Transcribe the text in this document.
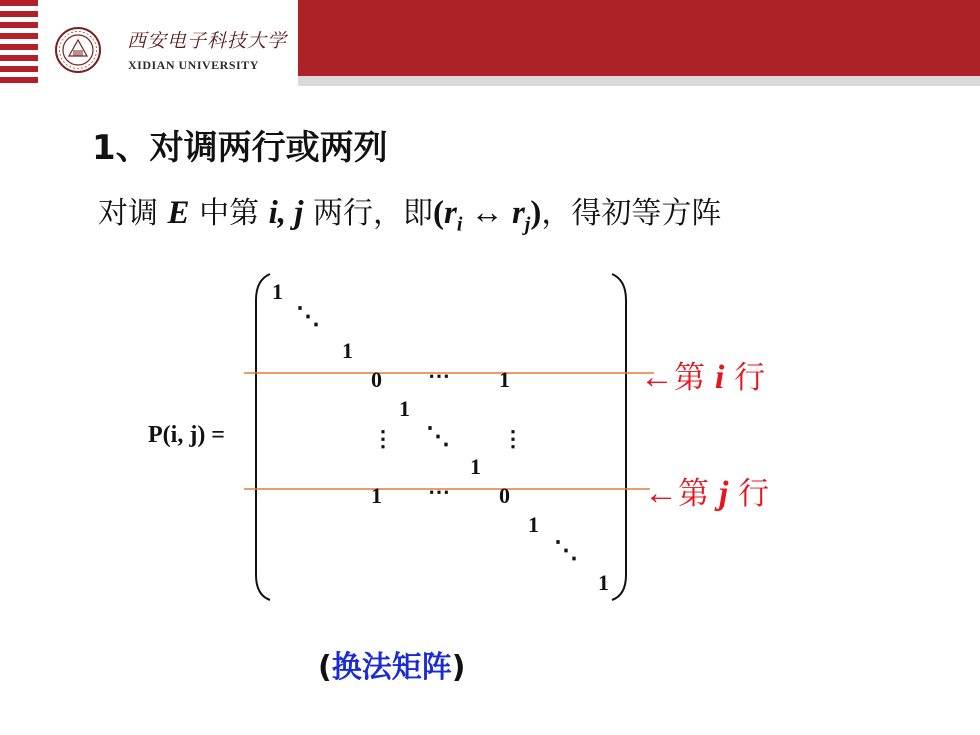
西安电子科技大学
XIDIAN UNIVERSITY
1、对调两行或两列
对调 E 中第 i, j 两行，即($r_i$ ↔ $r_j$)，得初等方阵
P(i, j) =
1
⋱
1
0 ⋯ 1
1
⋮ ⋱ ⋮
1
1 ⋯ 0
1
⋱
1
←第 i 行
←第 j 行
(换法矩阵)
